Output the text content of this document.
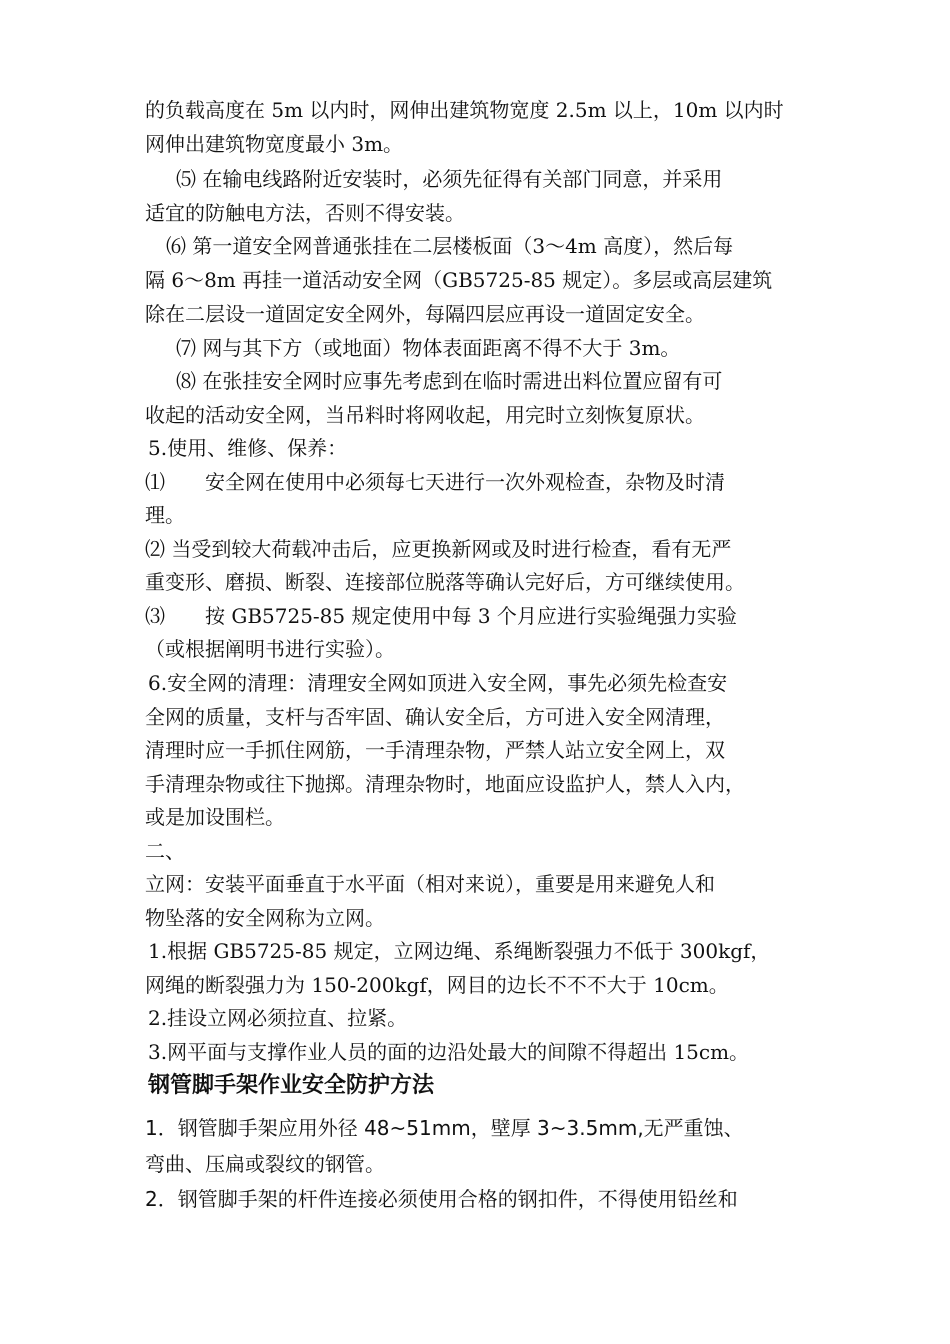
的负载高度在 5m 以内时，网伸出建筑物宽度 2.5m 以上，10m 以内时
网伸出建筑物宽度最小 3m。
⑸ 在输电线路附近安装时，必须先征得有关部门同意，并采用
适宜的防触电方法，否则不得安装。
⑹ 第一道安全网普通张挂在二层楼板面（3～4m 高度），然后每
隔 6～8m 再挂一道活动安全网（GB5725-85 规定）。多层或高层建筑
除在二层设一道固定安全网外，每隔四层应再设一道固定安全。
⑺ 网与其下方（或地面）物体表面距离不得不大于 3m。
⑻ 在张挂安全网时应事先考虑到在临时需进出料位置应留有可
收起的活动安全网，当吊料时将网收起，用完时立刻恢复原状。
5.使用、维修、保养：
⑴　　安全网在使用中必须每七天进行一次外观检查，杂物及时清
理。
⑵ 当受到较大荷载冲击后，应更换新网或及时进行检查，看有无严
重变形、磨损、断裂、连接部位脱落等确认完好后，方可继续使用。
⑶　　按 GB5725-85 规定使用中每 3 个月应进行实验绳强力实验
（或根据阐明书进行实验）。
6.安全网的清理：清理安全网如顶进入安全网，事先必须先检查安
全网的质量，支杆与否牢固、确认安全后，方可进入安全网清理，
清理时应一手抓住网筋，一手清理杂物，严禁人站立安全网上，双
手清理杂物或往下抛掷。清理杂物时，地面应设监护人，禁人入内，
或是加设围栏。
二、
立网：安装平面垂直于水平面（相对来说），重要是用来避免人和
物坠落的安全网称为立网。
1.根据 GB5725-85 规定，立网边绳、系绳断裂强力不低于 300kgf，
网绳的断裂强力为 150-200kgf，网目的边长不不不大于 10cm。
2.挂设立网必须拉直、拉紧。
3.网平面与支撑作业人员的面的边沿处最大的间隙不得超出 15cm。
钢管脚手架作业安全防护方法
1．钢管脚手架应用外径 48~51mm，壁厚 3~3.5mm,无严重蚀、
弯曲、压扁或裂纹的钢管。
2．钢管脚手架的杆件连接必须使用合格的钢扣件，不得使用铅丝和
